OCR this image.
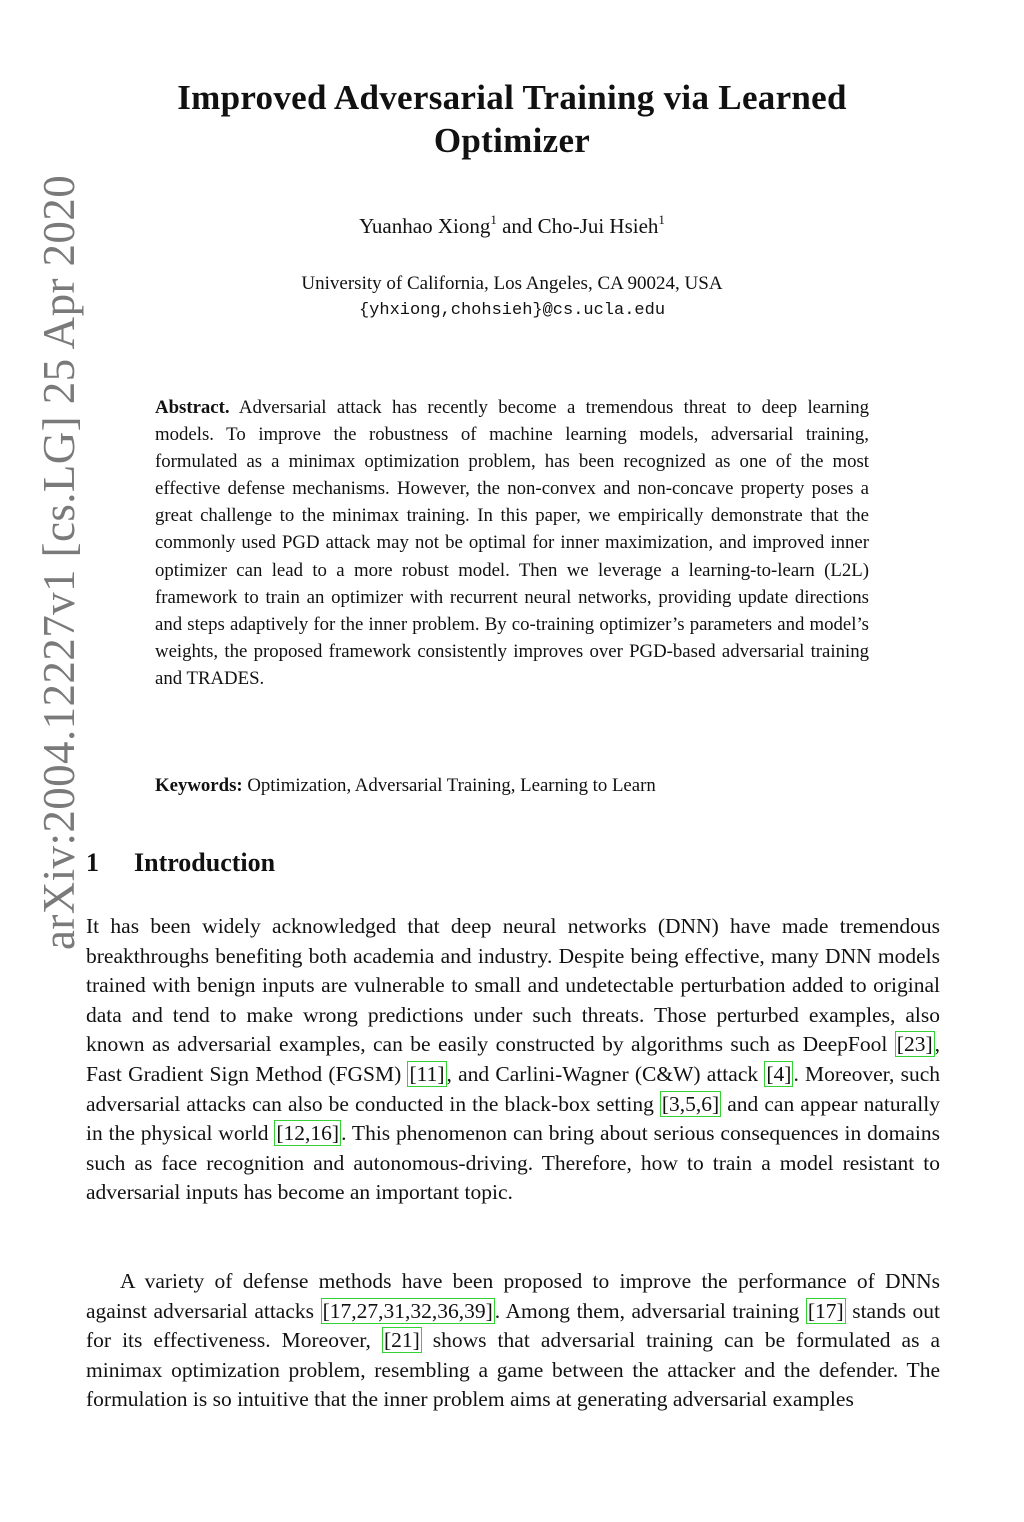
arXiv:2004.12227v1 [cs.LG] 25 Apr 2020
Improved Adversarial Training via Learned
Optimizer
Yuanhao Xiong$^1$ and Cho-Jui Hsieh$^1$
University of California, Los Angeles, CA 90024, USA
{yhxiong,chohsieh}@cs.ucla.edu
Abstract. Adversarial attack has recently become a tremendous threat to deep learning models. To improve the robustness of machine learning models, adversarial training, formulated as a minimax optimization problem, has been recognized as one of the most effective defense mechanisms. However, the non-convex and non-concave property poses a great challenge to the minimax training. In this paper, we empirically demonstrate that the commonly used PGD attack may not be optimal for inner maximization, and improved inner optimizer can lead to a more robust model. Then we leverage a learning-to-learn (L2L) framework to train an optimizer with recurrent neural networks, providing update directions and steps adaptively for the inner problem. By co-training optimizer’s parameters and model’s weights, the proposed framework consistently improves over PGD-based adversarial training and TRADES.
Keywords: Optimization, Adversarial Training, Learning to Learn
1 Introduction

It has been widely acknowledged that deep neural networks (DNN) have made tremendous breakthroughs benefiting both academia and industry. Despite being effective, many DNN models trained with benign inputs are vulnerable to small and undetectable perturbation added to original data and tend to make wrong predictions under such threats. Those perturbed examples, also known as adversarial examples, can be easily constructed by algorithms such as DeepFool [23], Fast Gradient Sign Method (FGSM) [11], and Carlini-Wagner (C&W) attack [4]. Moreover, such adversarial attacks can also be conducted in the black-box setting [3,5,6] and can appear naturally in the physical world [12,16]. This phenomenon can bring about serious consequences in domains such as face recognition and autonomous-driving. Therefore, how to train a model resistant to adversarial inputs has become an important topic.

A variety of defense methods have been proposed to improve the performance of DNNs against adversarial attacks [17,27,31,32,36,39]. Among them, adversarial training [17] stands out for its effectiveness. Moreover, [21] shows that adversarial training can be formulated as a minimax optimization problem, resembling a game between the attacker and the defender. The formulation is so intuitive that the inner problem aims at generating adversarial examples
